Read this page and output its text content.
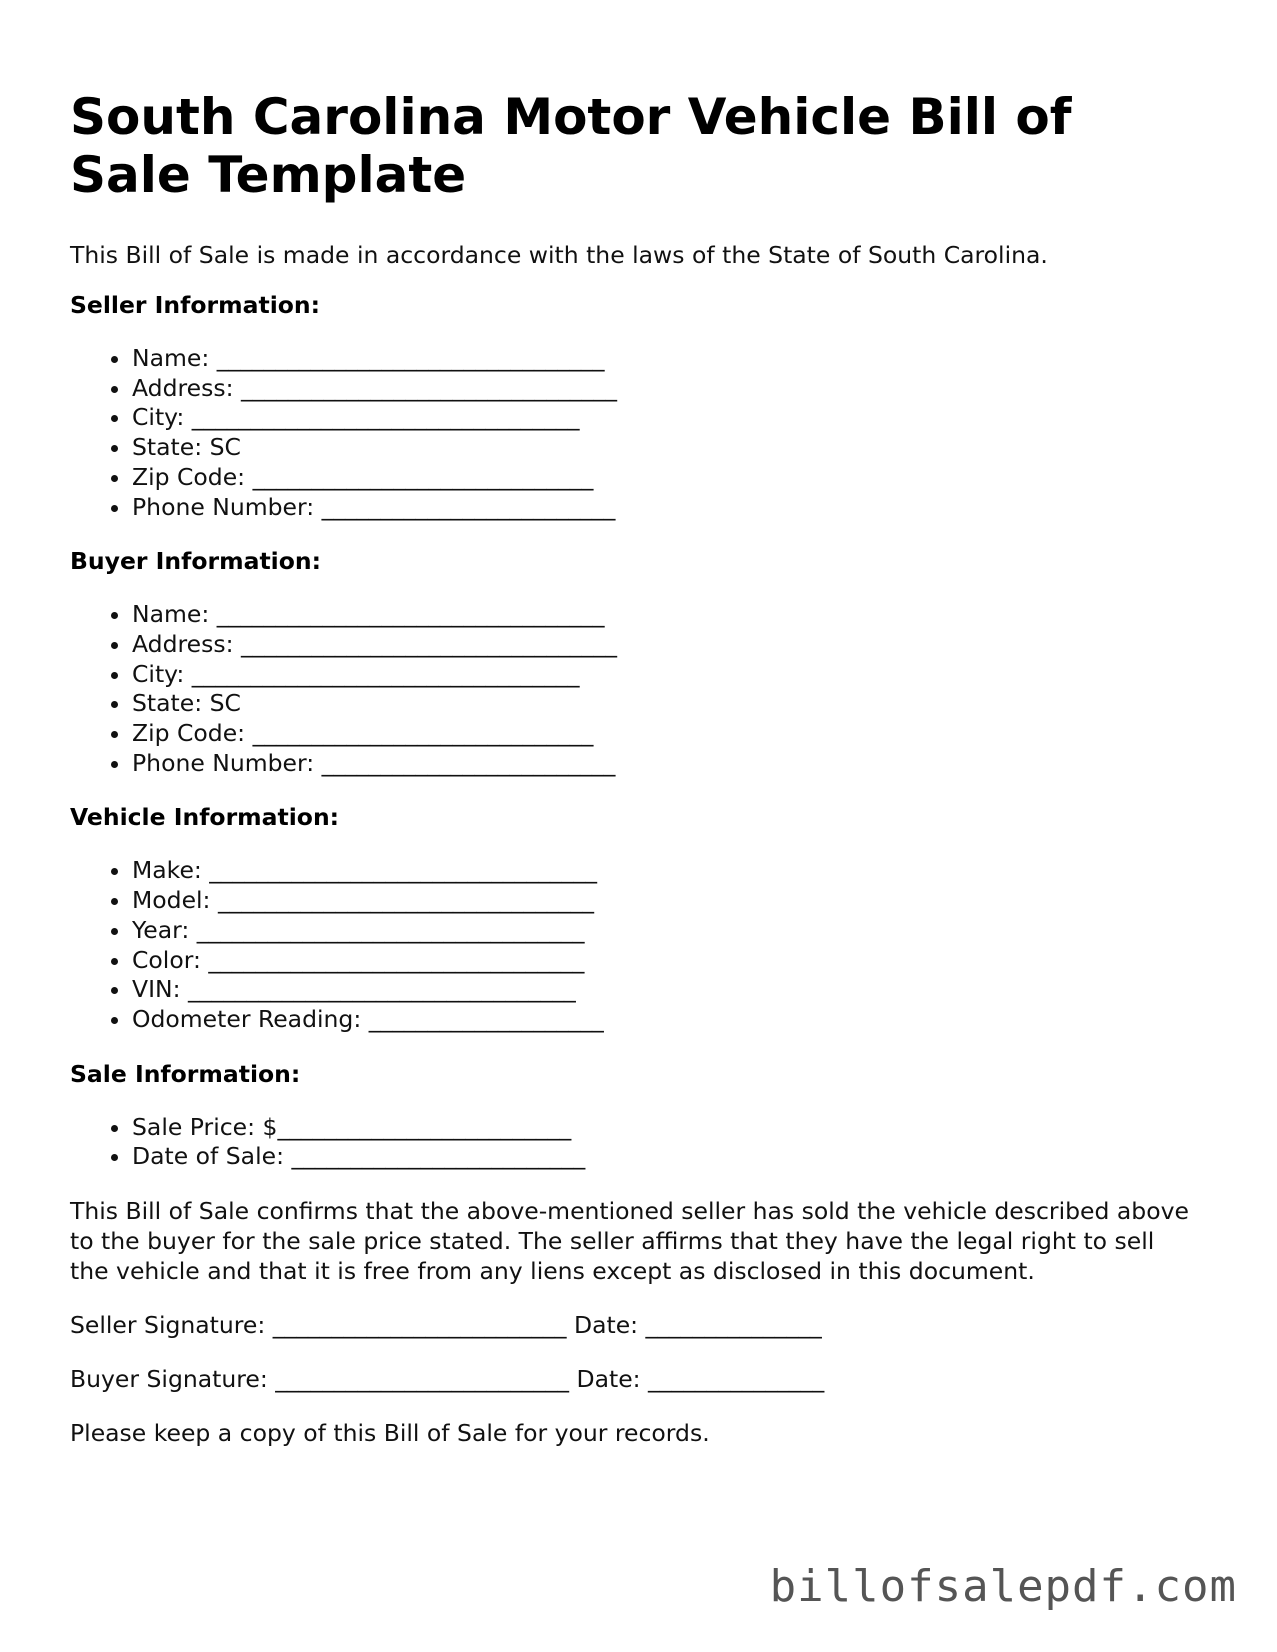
South Carolina Motor Vehicle Bill of Sale Template

This Bill of Sale is made in accordance with the laws of the State of South Carolina.

Seller Information:
• Name: _________________________________
• Address: ________________________________
• City: _________________________________
• State: SC
• Zip Code: _____________________________
• Phone Number: _________________________
Buyer Information:
• Name: _________________________________
• Address: ________________________________
• City: _________________________________
• State: SC
• Zip Code: _____________________________
• Phone Number: _________________________
Vehicle Information:
• Make: _________________________________
• Model: ________________________________
• Year: _________________________________
• Color: ________________________________
• VIN: _________________________________
• Odometer Reading: ____________________
Sale Information:
• Sale Price: $_________________________
• Date of Sale: _________________________

This Bill of Sale confirms that the above-mentioned seller has sold the vehicle described above to the buyer for the sale price stated. The seller affirms that they have the legal right to sell the vehicle and that it is free from any liens except as disclosed in this document.

Seller Signature: _________________________ Date: _______________

Buyer Signature: _________________________ Date: _______________

Please keep a copy of this Bill of Sale for your records.

billofsalepdf.com
